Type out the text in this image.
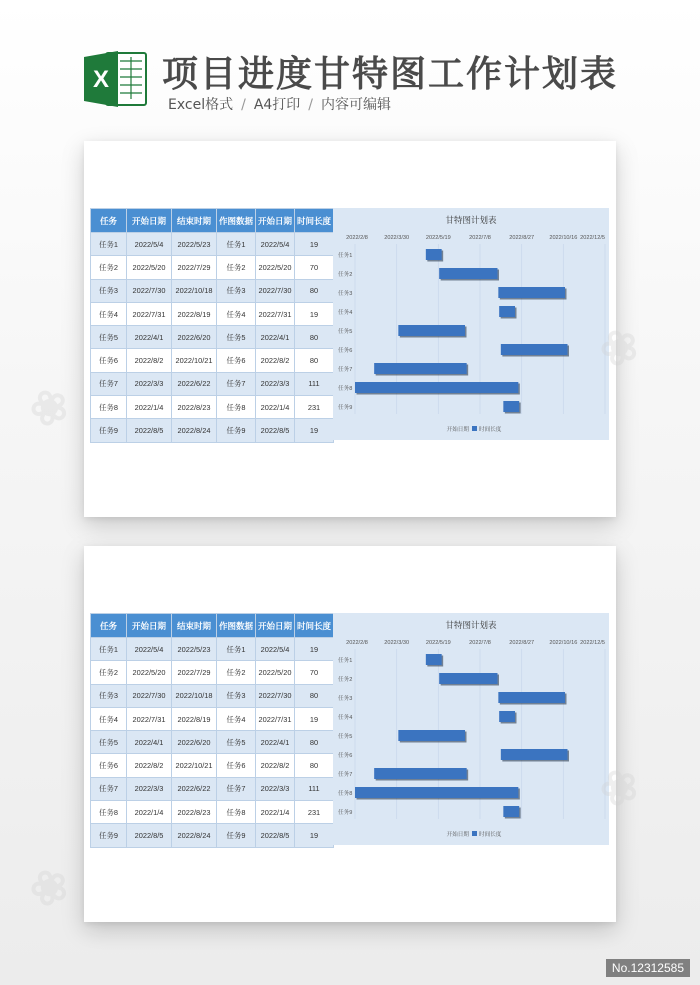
X 项目进度甘特图工作计划表
Excel格式 / A4打印 / 内容可编辑
任务	开始日期	结束时期	作图数据	开始日期	时间长度
任务1	2022/5/4	2022/5/23	任务1	2022/5/4	19
任务2	2022/5/20	2022/7/29	任务2	2022/5/20	70
任务3	2022/7/30	2022/10/18	任务3	2022/7/30	80
任务4	2022/7/31	2022/8/19	任务4	2022/7/31	19
任务5	2022/4/1	2022/6/20	任务5	2022/4/1	80
任务6	2022/8/2	2022/10/21	任务6	2022/8/2	80
任务7	2022/3/3	2022/6/22	任务7	2022/3/3	111
任务8	2022/1/4	2022/8/23	任务8	2022/1/4	231
任务9	2022/8/5	2022/8/24	任务9	2022/8/5	19
甘特图计划表
2022/2/8	2022/3/30	2022/5/19	2022/7/8	2022/8/27	2022/10/16 2022/12/5
任务1
任务2
任务3
任务4
任务5
任务6
任务7
任务8
任务9
开始日期 时间长度
任务	开始日期	结束时期	作图数据	开始日期	时间长度
任务1	2022/5/4	2022/5/23	任务1	2022/5/4	19
任务2	2022/5/20	2022/7/29	任务2	2022/5/20	70
任务3	2022/7/30	2022/10/18	任务3	2022/7/30	80
任务4	2022/7/31	2022/8/19	任务4	2022/7/31	19
任务5	2022/4/1	2022/6/20	任务5	2022/4/1	80
任务6	2022/8/2	2022/10/21	任务6	2022/8/2	80
任务7	2022/3/3	2022/6/22	任务7	2022/3/3	111
任务8	2022/1/4	2022/8/23	任务8	2022/1/4	231
任务9	2022/8/5	2022/8/24	任务9	2022/8/5	19
甘特图计划表
2022/2/8	2022/3/30	2022/5/19	2022/7/8	2022/8/27	2022/10/16 2022/12/5
任务1
任务2
任务3
任务4
任务5
任务6
任务7
任务8
任务9
开始日期 时间长度
❀
❀
❀
❀
No.12312585
